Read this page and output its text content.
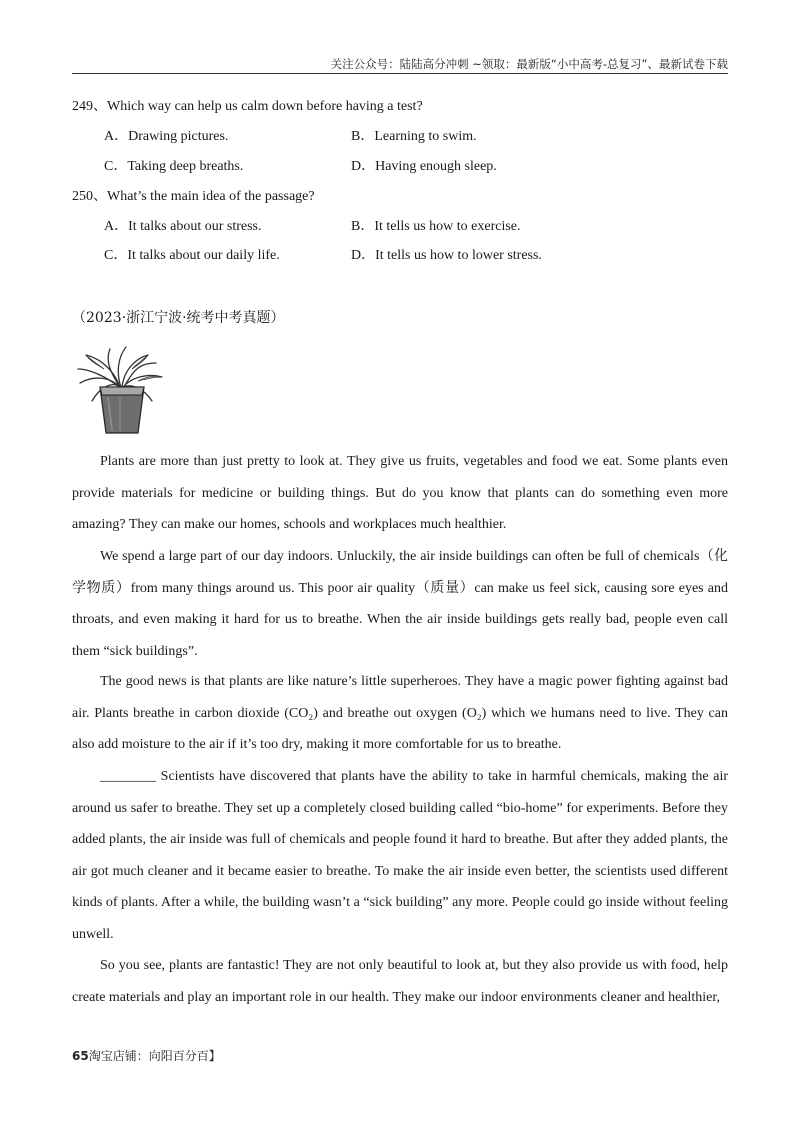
关注公众号：陆陆高分冲刺 ~领取：最新版“小中高考-总复习”、最新试卷下载
249、Which way can help us calm down before having a test?
A．Drawing pictures.	B．Learning to swim.
C．Taking deep breaths.	D．Having enough sleep.
250、What’s the main idea of the passage?
A．It talks about our stress.	B．It tells us how to exercise.
C．It talks about our daily life.	D．It tells us how to lower stress.
（2023·浙江宁波·统考中考真题）
Plants are more than just pretty to look at. They give us fruits, vegetables and food we eat. Some plants even provide materials for medicine or building things. But do you know that plants can do something even more amazing? They can make our homes, schools and workplaces much healthier.
We spend a large part of our day indoors. Unluckily, the air inside buildings can often be full of chemicals（化学物质）from many things around us. This poor air quality（质量）can make us feel sick, causing sore eyes and throats, and even making it hard for us to breathe. When the air inside buildings gets really bad, people even call them “sick buildings”.
The good news is that plants are like nature’s little superheroes. They have a magic power fighting against bad air. Plants breathe in carbon dioxide (CO₂) and breathe out oxygen (O₂) which we humans need to live. They can also add moisture to the air if it’s too dry, making it more comfortable for us to breathe.
________ Scientists have discovered that plants have the ability to take in harmful chemicals, making the air around us safer to breathe. They set up a completely closed building called “bio-home” for experiments. Before they added plants, the air inside was full of chemicals and people found it hard to breathe. But after they added plants, the air got much cleaner and it became easier to breathe. To make the air inside even better, the scientists used different kinds of plants. After a while, the building wasn’t a “sick building” any more. People could go inside without feeling unwell.
So you see, plants are fantastic! They are not only beautiful to look at, but they also provide us with food, help create materials and play an important role in our health. They make our indoor environments cleaner and healthier,
65淘宝店铺：向阳百分百】
